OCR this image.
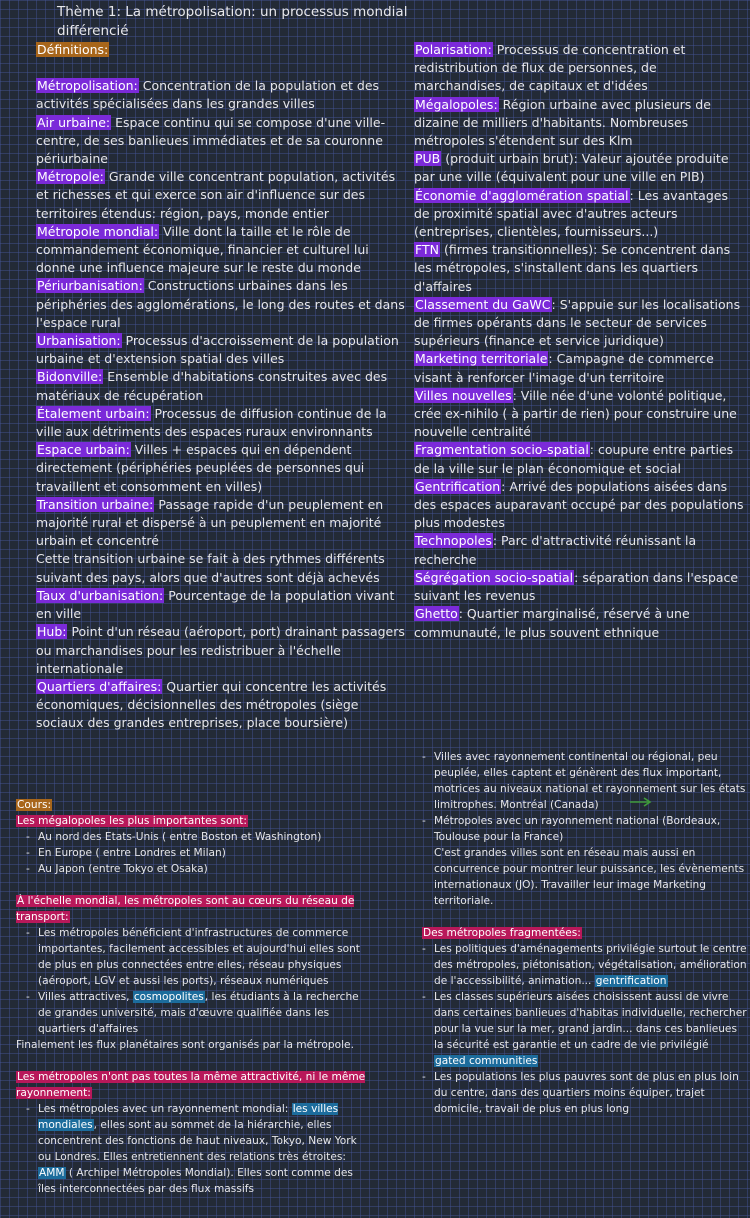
Thème 1: La métropolisation: un processus mondial différencié

Définitions:

Métropolisation: Concentration de la population et des activités spécialisées dans les grandes villes

Air urbaine: Espace continu qui se compose d'une ville-centre, de ses banlieues immédiates et de sa couronne périurbaine

Métropole: Grande ville concentrant population, activités et richesses et qui exerce son air d'influence sur des territoires étendus: région, pays, monde entier

Métropole mondial: Ville dont la taille et le rôle de commandement économique, financier et culturel lui donne une influence majeure sur le reste du monde

Périurbanisation: Constructions urbaines dans les périphéries des agglomérations, le long des routes et dans l'espace rural

Urbanisation: Processus d'accroissement de la population urbaine et d'extension spatial des villes

Bidonville: Ensemble d'habitations construites avec des matériaux de récupération

Étalement urbain: Processus de diffusion continue de la ville aux détriments des espaces ruraux environnants

Espace urbain: Villes + espaces qui en dépendent directement (périphéries peuplées de personnes qui travaillent et consomment en villes)

Transition urbaine: Passage rapide d'un peuplement en majorité rural et dispersé à un peuplement en majorité urbain et concentré

Cette transition urbaine se fait à des rythmes différents suivant des pays, alors que d'autres sont déjà achevés

Taux d'urbanisation: Pourcentage de la population vivant en ville

Hub: Point d'un réseau (aéroport, port) drainant passagers ou marchandises pour les redistribuer à l'échelle internationale

Quartiers d'affaires: Quartier qui concentre les activités économiques, décisionnelles des métropoles (siège sociaux des grandes entreprises, place boursière)

Polarisation: Processus de concentration et redistribution de flux de personnes, de marchandises, de capitaux et d'idées

Mégalopoles: Région urbaine avec plusieurs de dizaine de milliers d'habitants. Nombreuses métropoles s'étendent sur des Klm

PUB (produit urbain brut): Valeur ajoutée produite par une ville (équivalent pour une ville en PIB)

Économie d'agglomération spatial: Les avantages de proximité spatial avec d'autres acteurs (entreprises, clientèles, fournisseurs...)

FTN (firmes transitionnelles): Se concentrent dans les métropoles, s'installent dans les quartiers d'affaires

Classement du GaWC: S'appuie sur les localisations de firmes opérants dans le secteur de services supérieurs (finance et service juridique)

Marketing territoriale: Campagne de commerce visant à renforcer l'image d'un territoire

Villes nouvelles: Ville née d'une volonté politique, crée ex-nihilo ( à partir de rien) pour construire une nouvelle centralité

Fragmentation socio-spatial: coupure entre parties de la ville sur le plan économique et social

Gentrification: Arrivé des populations aisées dans des espaces auparavant occupé par des populations plus modestes

Technopoles: Parc d'attractivité réunissant la recherche

Ségrégation socio-spatial: séparation dans l'espace suivant les revenus

Ghetto: Quartier marginalisé, réservé à une communauté, le plus souvent ethnique

Cours:

Les mégalopoles les plus importantes sont:

- Au nord des Etats-Unis ( entre Boston et Washington)
- En Europe ( entre Londres et Milan)
- Au Japon (entre Tokyo et Osaka)

À l'échelle mondial, les métropoles sont au cœurs du réseau de transport:

- Les métropoles bénéficient d'infrastructures de commerce importantes, facilement accessibles et aujourd'hui elles sont de plus en plus connectées entre elles, réseau physiques (aéroport, LGV et aussi les ports), réseaux numériques
- Villes attractives, cosmopolites, les étudiants à la recherche de grandes université, mais d'œuvre qualifiée dans les quartiers d'affaires

Finalement les flux planétaires sont organisés par la métropole.

Les métropoles n'ont pas toutes la même attractivité, ni le même rayonnement:

- Les métropoles avec un rayonnement mondial: les villes mondiales, elles sont au sommet de la hiérarchie, elles concentrent des fonctions de haut niveaux, Tokyo, New York ou Londres. Elles entretiennent des relations très étroites: AMM ( Archipel Métropoles Mondial). Elles sont comme des îles interconnectées par des flux massifs
- Villes avec rayonnement continental ou régional, peu peuplée, elles captent et génèrent des flux important, motrices au niveaux national et rayonnement sur les états limitrophes. Montréal (Canada)
- Métropoles avec un rayonnement national (Bordeaux, Toulouse pour la France)
C'est grandes villes sont en réseau mais aussi en concurrence pour montrer leur puissance, les évènements internationaux (JO). Travailler leur image Marketing territoriale.

Des métropoles fragmentées:

- Les politiques d'aménagements privilégie surtout le centre des métropoles, piétonisation, végétalisation, amélioration de l'accessibilité, animation... gentrification
- Les classes supérieurs aisées choisissent aussi de vivre dans certaines banlieues d'habitas individuelle, rechercher pour la vue sur la mer, grand jardin... dans ces banlieues la sécurité est garantie et un cadre de vie privilégié
gated communities
- Les populations les plus pauvres sont de plus en plus loin du centre, dans des quartiers moins équiper, trajet domicile, travail de plus en plus long
